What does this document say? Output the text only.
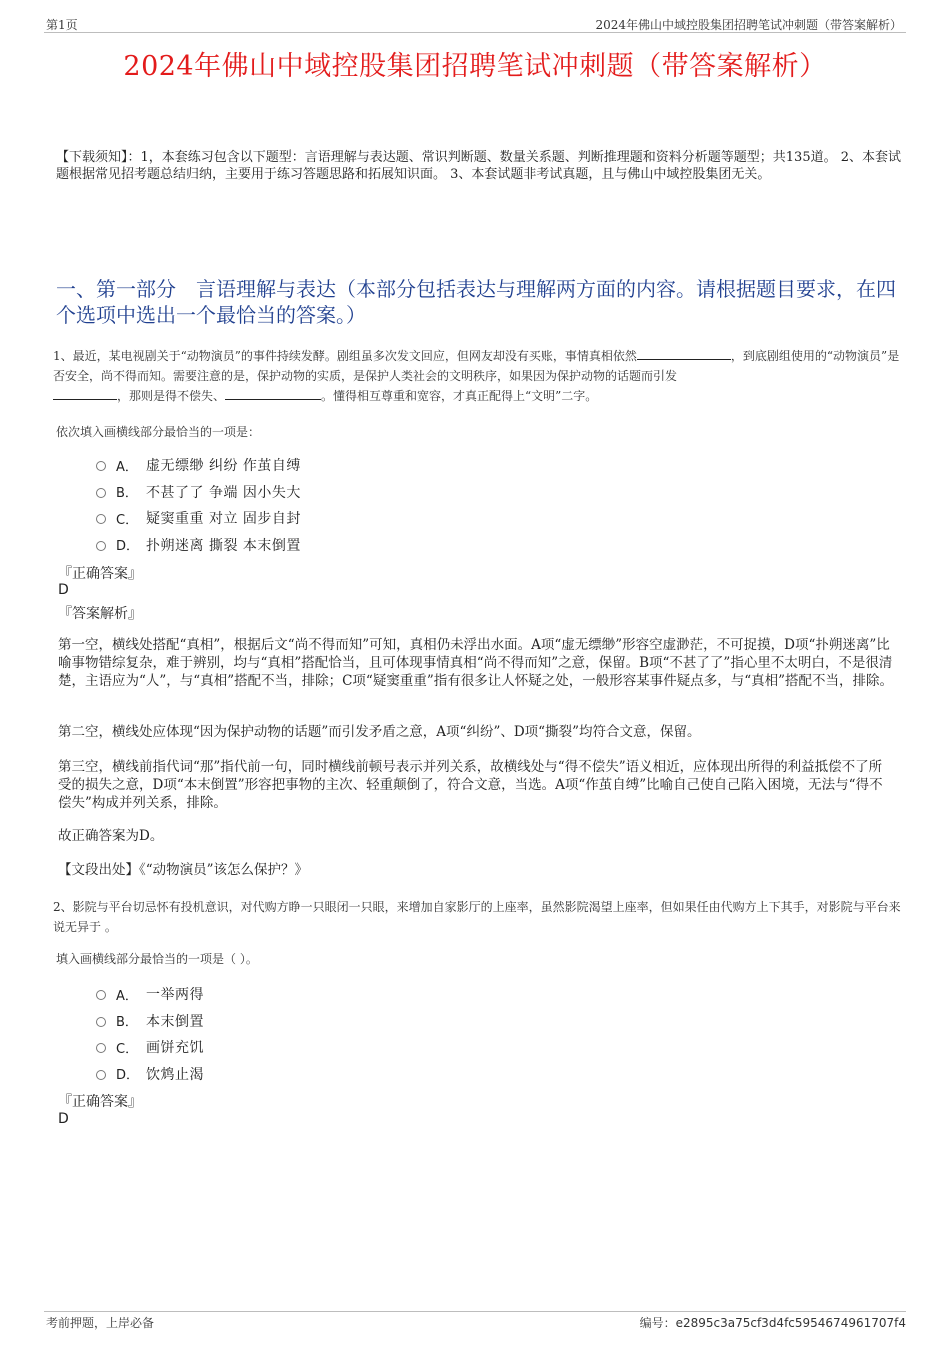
第1页	2024年佛山中域控股集团招聘笔试冲刺题（带答案解析）
2024年佛山中域控股集团招聘笔试冲刺题（带答案解析）
【下载须知】：1，本套练习包含以下题型：言语理解与表达题、常识判断题、数量关系题、判断推理题和资料分析题等题型；共135道。 2、本套试题根据常见招考题总结归纳，主要用于练习答题思路和拓展知识面。 3、本套试题非考试真题，且与佛山中域控股集团无关。
一、第一部分　言语理解与表达（本部分包括表达与理解两方面的内容。请根据题目要求，在四个选项中选出一个最恰当的答案。）
1、最近，某电视剧关于“动物演员”的事件持续发酵。剧组虽多次发文回应，但网友却没有买账，事情真相依然	，到底剧组使用的“动物演员”是否安全，尚不得而知。需要注意的是，保护动物的实质，是保护人类社会的文明秩序，如果因为保护动物的话题而引发
，那则是得不偿失、	。懂得相互尊重和宽容，才真正配得上“文明”二字。
依次填入画横线部分最恰当的一项是：
A． 虚无缥缈 纠纷 作茧自缚
B． 不甚了了 争端 因小失大
C． 疑窦重重 对立 固步自封
D． 扑朔迷离 撕裂 本末倒置
『正确答案』
D
『答案解析』
第一空，横线处搭配“真相”，根据后文“尚不得而知”可知，真相仍未浮出水面。A项“虚无缥缈”形容空虚渺茫，不可捉摸，D项“扑朔迷离”比喻事物错综复杂，难于辨别，均与“真相”搭配恰当，且可体现事情真相“尚不得而知”之意，保留。B项“不甚了了”指心里不太明白，不是很清楚，主语应为“人”，与“真相”搭配不当，排除；C项“疑窦重重”指有很多让人怀疑之处，一般形容某事件疑点多，与“真相”搭配不当，排除。
第二空，横线处应体现“因为保护动物的话题”而引发矛盾之意，A项“纠纷”、D项“撕裂”均符合文意，保留。
第三空，横线前指代词“那”指代前一句，同时横线前顿号表示并列关系，故横线处与“得不偿失”语义相近，应体现出所得的利益抵偿不了所受的损失之意，D项“本末倒置”形容把事物的主次、轻重颠倒了，符合文意，当选。A项“作茧自缚”比喻自己使自己陷入困境，无法与“得不偿失”构成并列关系，排除。
故正确答案为D。
【文段出处】《“动物演员”该怎么保护？》
2、影院与平台切忌怀有投机意识，对代购方睁一只眼闭一只眼，来增加自家影厅的上座率，虽然影院渴望上座率，但如果任由代购方上下其手，对影院与平台来说无异于 。
填入画横线部分最恰当的一项是（ ）。
A． 一举两得
B． 本末倒置
C． 画饼充饥
D． 饮鸩止渴
『正确答案』
D
考前押题，上岸必备	编号：e2895c3a75cf3d4fc595467496170​7f4
